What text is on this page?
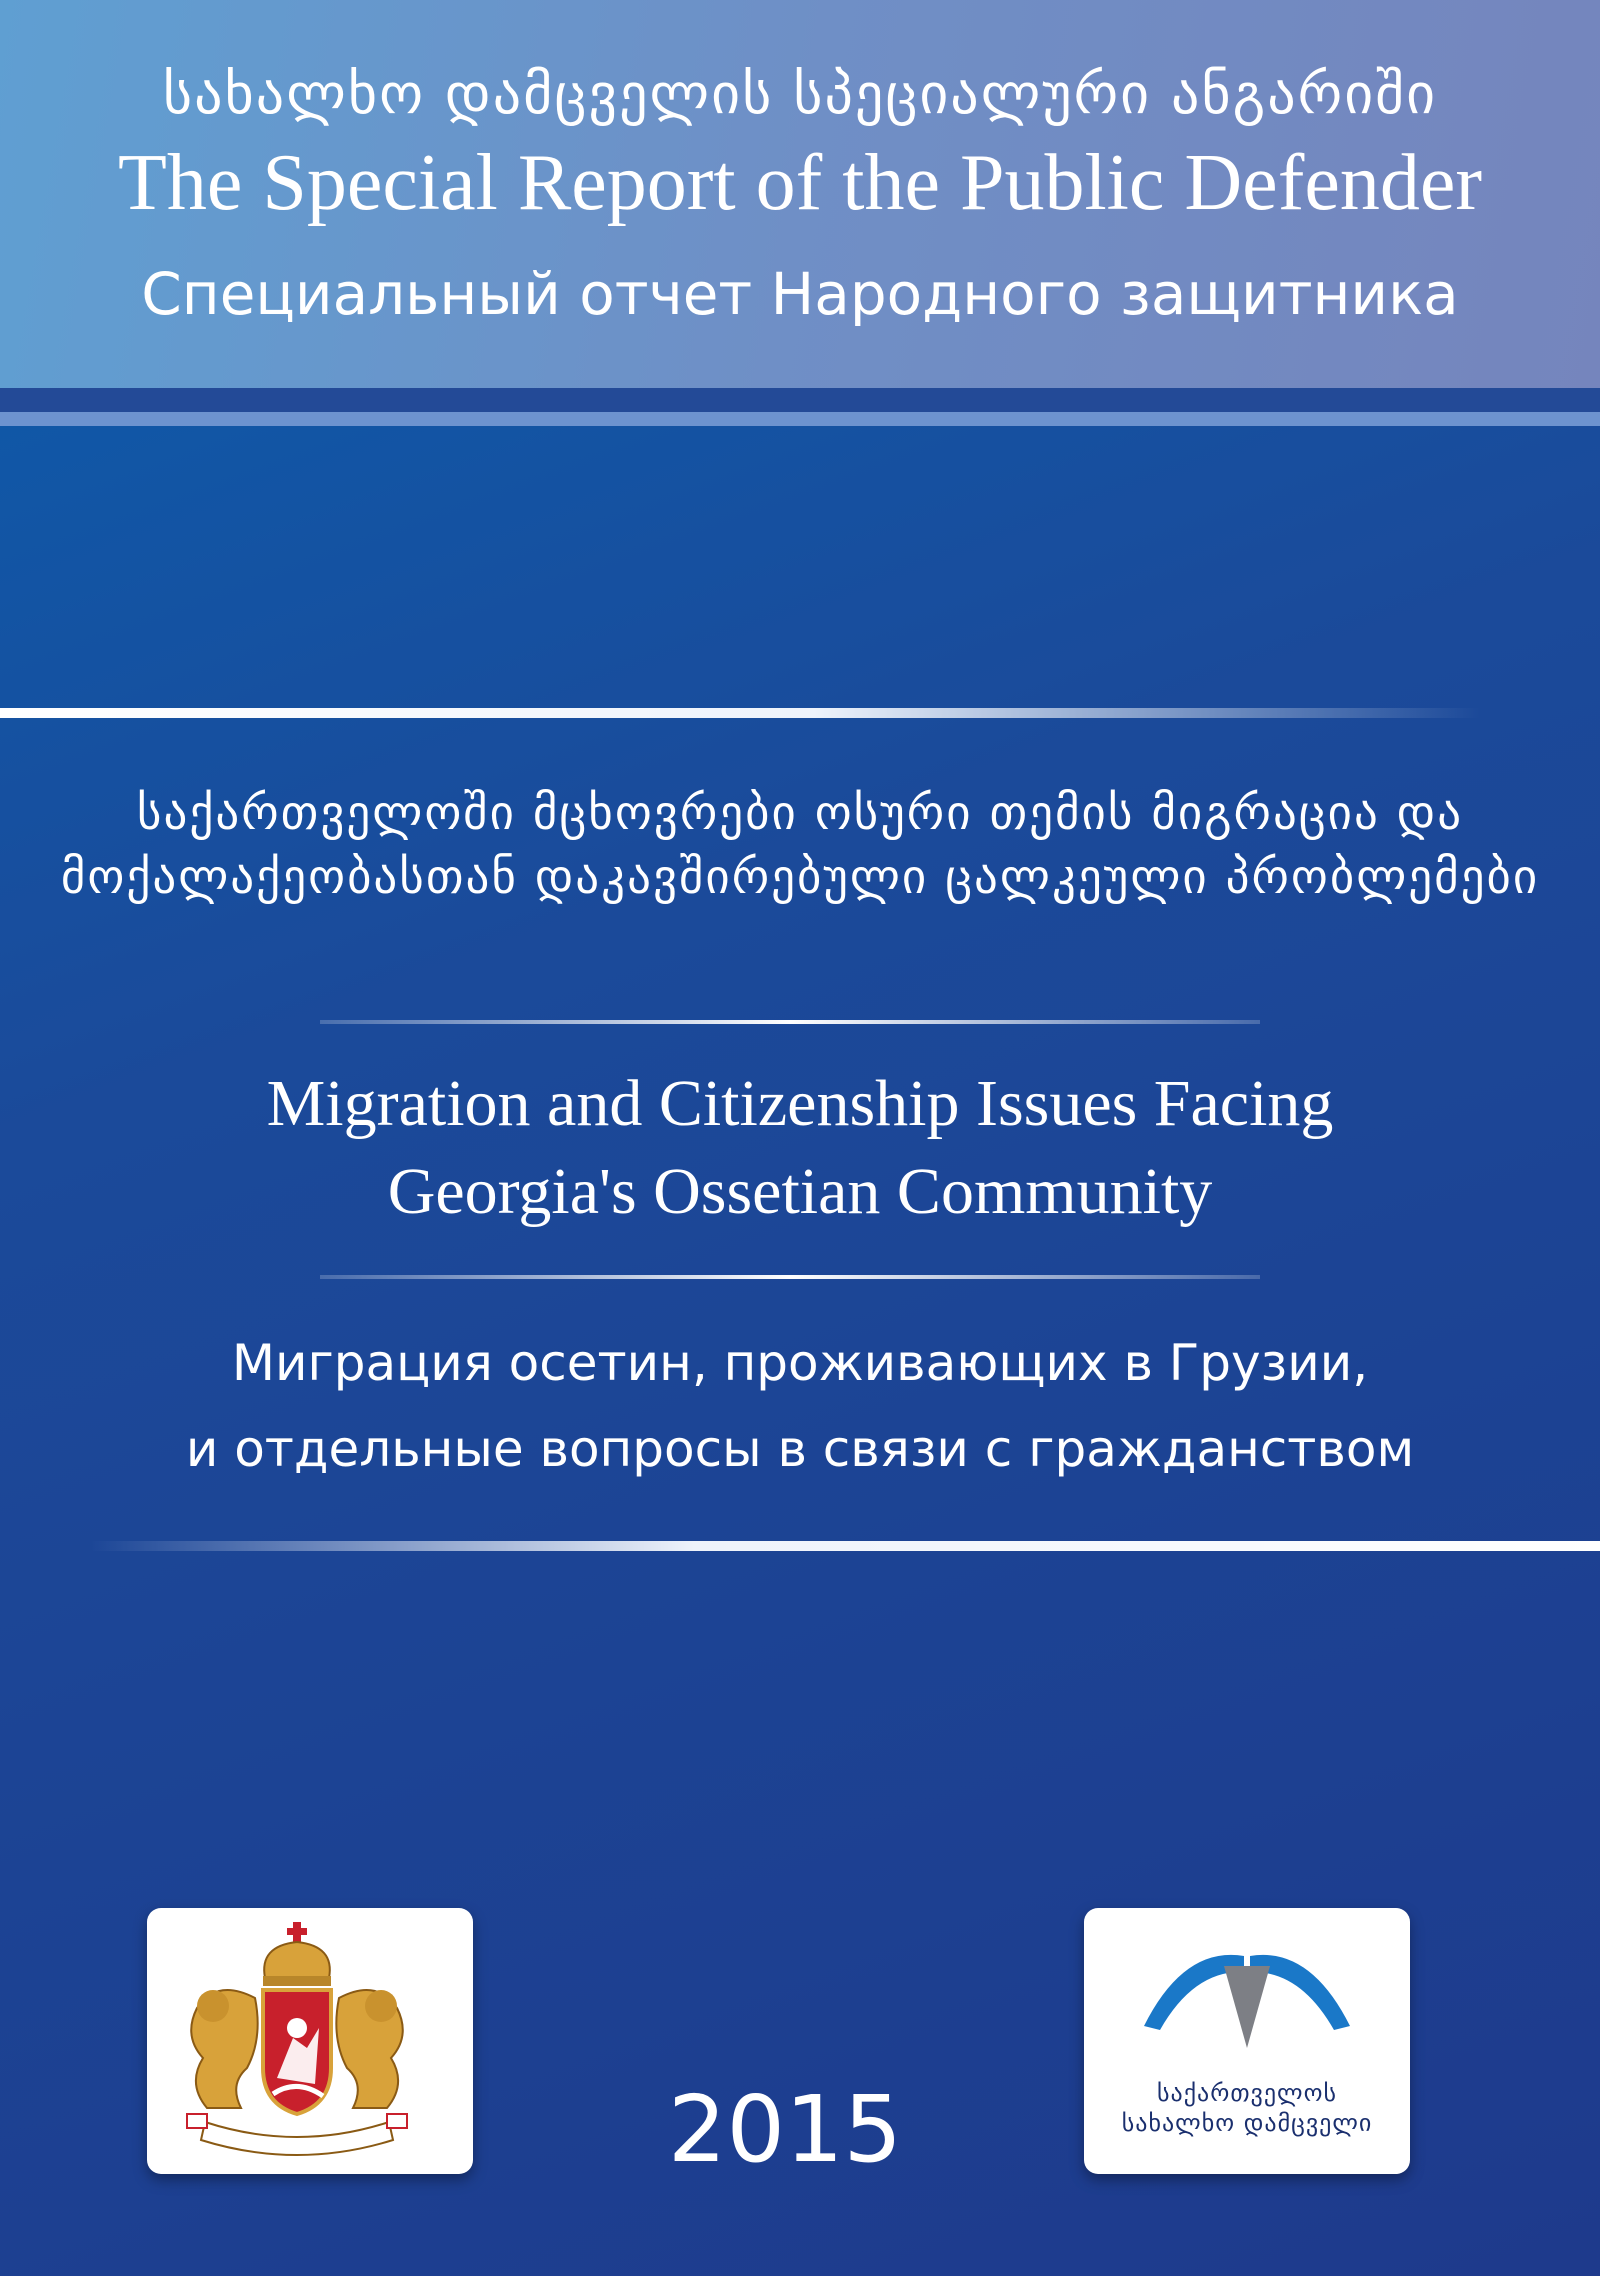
სახალხო დამცველის სპეციალური ანგარიში
The Special Report of the Public Defender
Специальный отчет Народного защитника
საქართველოში მცხოვრები ოსური თემის მიგრაცია და მოქალაქეობასთან დაკავშირებული ცალკეული პრობლემები
Migration and Citizenship Issues Facing
Georgia's Ossetian Community
Миграция осетин, проживающих в Грузии,
и отдельные вопросы в связи с гражданством
2015	საქართველოს
სახალხო დამცველი
